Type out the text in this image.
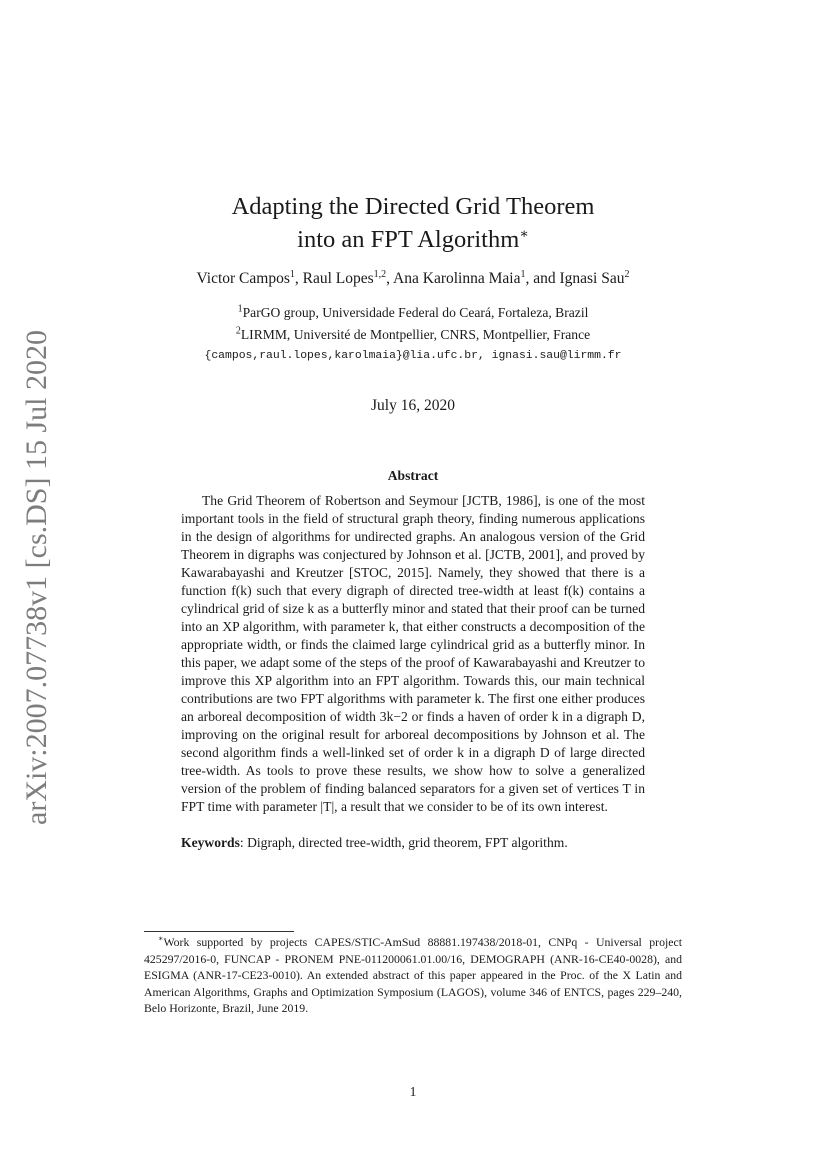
arXiv:2007.07738v1 [cs.DS] 15 Jul 2020
Adapting the Directed Grid Theorem
into an FPT Algorithm∗
Victor Campos$^1$, Raul Lopes$^{1,2}$, Ana Karolinna Maia$^1$, and Ignasi Sau$^2$
$^1$ParGO group, Universidade Federal do Ceará, Fortaleza, Brazil
$^2$LIRMM, Université de Montpellier, CNRS, Montpellier, France
{campos,raul.lopes,karolmaia}@lia.ufc.br, ignasi.sau@lirmm.fr
July 16, 2020
Abstract

The Grid Theorem of Robertson and Seymour [JCTB, 1986], is one of the most important tools in the field of structural graph theory, finding numerous applications in the design of algorithms for undirected graphs. An analogous version of the Grid Theorem in digraphs was conjectured by Johnson et al. [JCTB, 2001], and proved by Kawarabayashi and Kreutzer [STOC, 2015]. Namely, they showed that there is a function f(k) such that every digraph of directed tree-width at least f(k) contains a cylindrical grid of size k as a butterfly minor and stated that their proof can be turned into an XP algorithm, with parameter k, that either constructs a decomposition of the appropriate width, or finds the claimed large cylindrical grid as a butterfly minor. In this paper, we adapt some of the steps of the proof of Kawarabayashi and Kreutzer to improve this XP algorithm into an FPT algorithm. Towards this, our main technical contributions are two FPT algorithms with parameter k. The first one either produces an arboreal decomposition of width 3k−2 or finds a haven of order k in a digraph D, improving on the original result for arboreal decompositions by Johnson et al. The second algorithm finds a well-linked set of order k in a digraph D of large directed tree-width. As tools to prove these results, we show how to solve a generalized version of the problem of finding balanced separators for a given set of vertices T in FPT time with parameter |T|, a result that we consider to be of its own interest.

Keywords: Digraph, directed tree-width, grid theorem, FPT algorithm.

∗Work supported by projects CAPES/STIC-AmSud 88881.197438/2018-01, CNPq - Universal project 425297/2016-0, FUNCAP - PRONEM PNE-011200061.01.00/16, DEMOGRAPH (ANR-16-CE40-0028), and ESIGMA (ANR-17-CE23-0010). An extended abstract of this paper appeared in the Proc. of the X Latin and American Algorithms, Graphs and Optimization Symposium (LAGOS), volume 346 of ENTCS, pages 229–240, Belo Horizonte, Brazil, June 2019.

1
